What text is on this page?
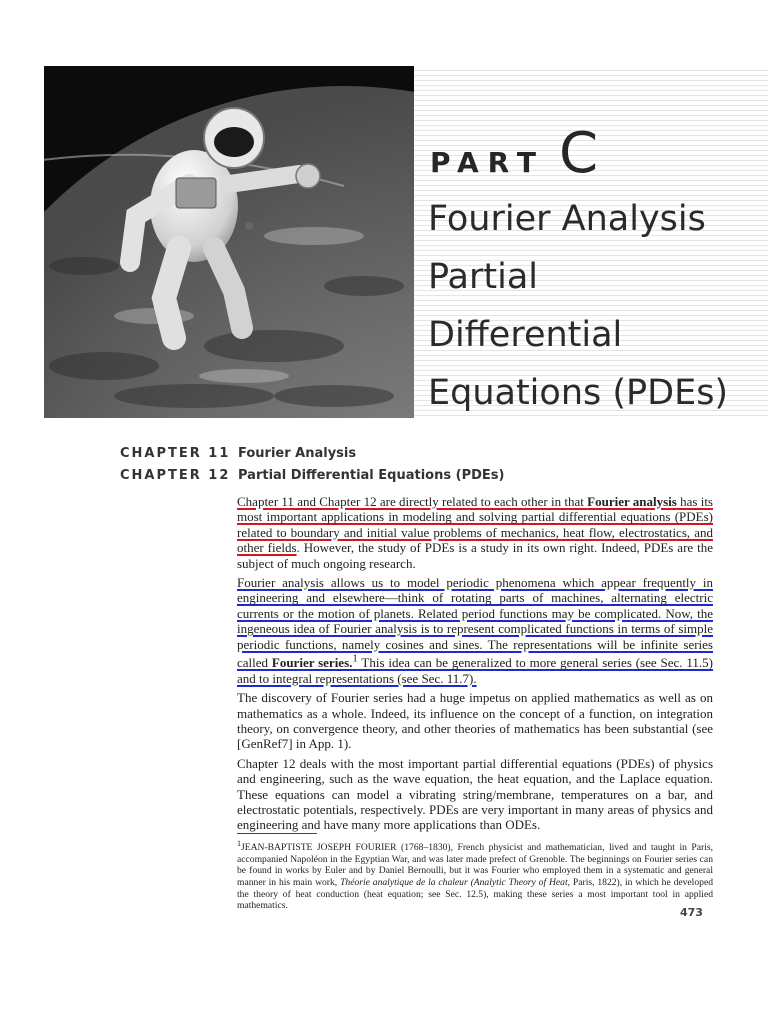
PART C
Fourier Analysis
Partial
Differential
Equations (PDEs)
CHAPTER 11 Fourier Analysis
CHAPTER 12 Partial Differential Equations (PDEs)

Chapter 11 and Chapter 12 are directly related to each other in that Fourier analysis has its most important applications in modeling and solving partial differential equations (PDEs) related to boundary and initial value problems of mechanics, heat flow, electrostatics, and other fields. However, the study of PDEs is a study in its own right. Indeed, PDEs are the subject of much ongoing research.

Fourier analysis allows us to model periodic phenomena which appear frequently in engineering and elsewhere—think of rotating parts of machines, alternating electric currents or the motion of planets. Related period functions may be complicated. Now, the ingeneous idea of Fourier analysis is to represent complicated functions in terms of simple periodic functions, namely cosines and sines. The representations will be infinite series called Fourier series.$^1$ This idea can be generalized to more general series (see Sec. 11.5) and to integral representations (see Sec. 11.7).

The discovery of Fourier series had a huge impetus on applied mathematics as well as on mathematics as a whole. Indeed, its influence on the concept of a function, on integration theory, on convergence theory, and other theories of mathematics has been substantial (see [GenRef7] in App. 1).

Chapter 12 deals with the most important partial differential equations (PDEs) of physics and engineering, such as the wave equation, the heat equation, and the Laplace equation. These equations can model a vibrating string/membrane, temperatures on a bar, and electrostatic potentials, respectively. PDEs are very important in many areas of physics and engineering and have many more applications than ODEs.

$^1$JEAN-BAPTISTE JOSEPH FOURIER (1768–1830), French physicist and mathematician, lived and taught in Paris, accompanied Napoléon in the Egyptian War, and was later made prefect of Grenoble. The beginnings on Fourier series can be found in works by Euler and by Daniel Bernoulli, but it was Fourier who employed them in a systematic and general manner in his main work, Théorie analytique de la chaleur (Analytic Theory of Heat, Paris, 1822), in which he developed the theory of heat conduction (heat equation; see Sec. 12.5), making these series a most important tool in applied mathematics.

473
